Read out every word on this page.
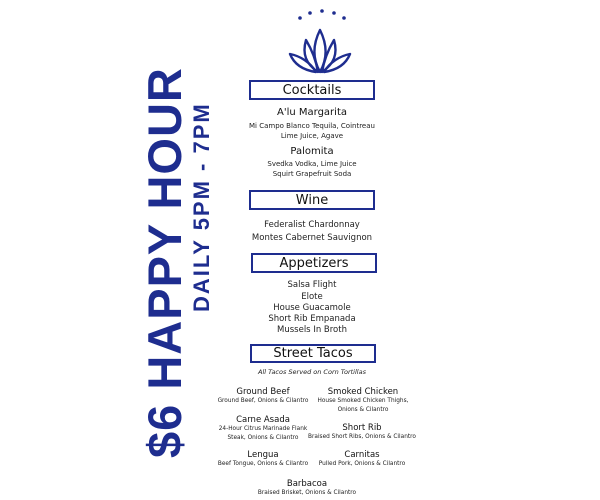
$6 HAPPY HOUR
DAILY 5PM - 7PM
Cocktails
A'lu Margarita
Mi Campo Blanco Tequila, Cointreau
Lime Juice, Agave
Palomita
Svedka Vodka, Lime Juice
Squirt Grapefruit Soda
Wine
Federalist Chardonnay
Montes Cabernet Sauvignon
Appetizers
Salsa Flight
Elote
House Guacamole
Short Rib Empanada
Mussels In Broth
Street Tacos
All Tacos Served on Corn Tortillas
Ground Beef
Ground Beef, Onions & Cilantro
Smoked Chicken
House Smoked Chicken Thighs,
Onions & Cilantro
Carne Asada
24-Hour Citrus Marinade Flank
Steak, Onions & Cilantro
Short Rib
Braised Short Ribs, Onions & Cilantro
Lengua
Beef Tongue, Onions & Cilantro
Carnitas
Pulled Pork, Onions & Cilantro
Barbacoa
Braised Brisket, Onions & Cilantro
